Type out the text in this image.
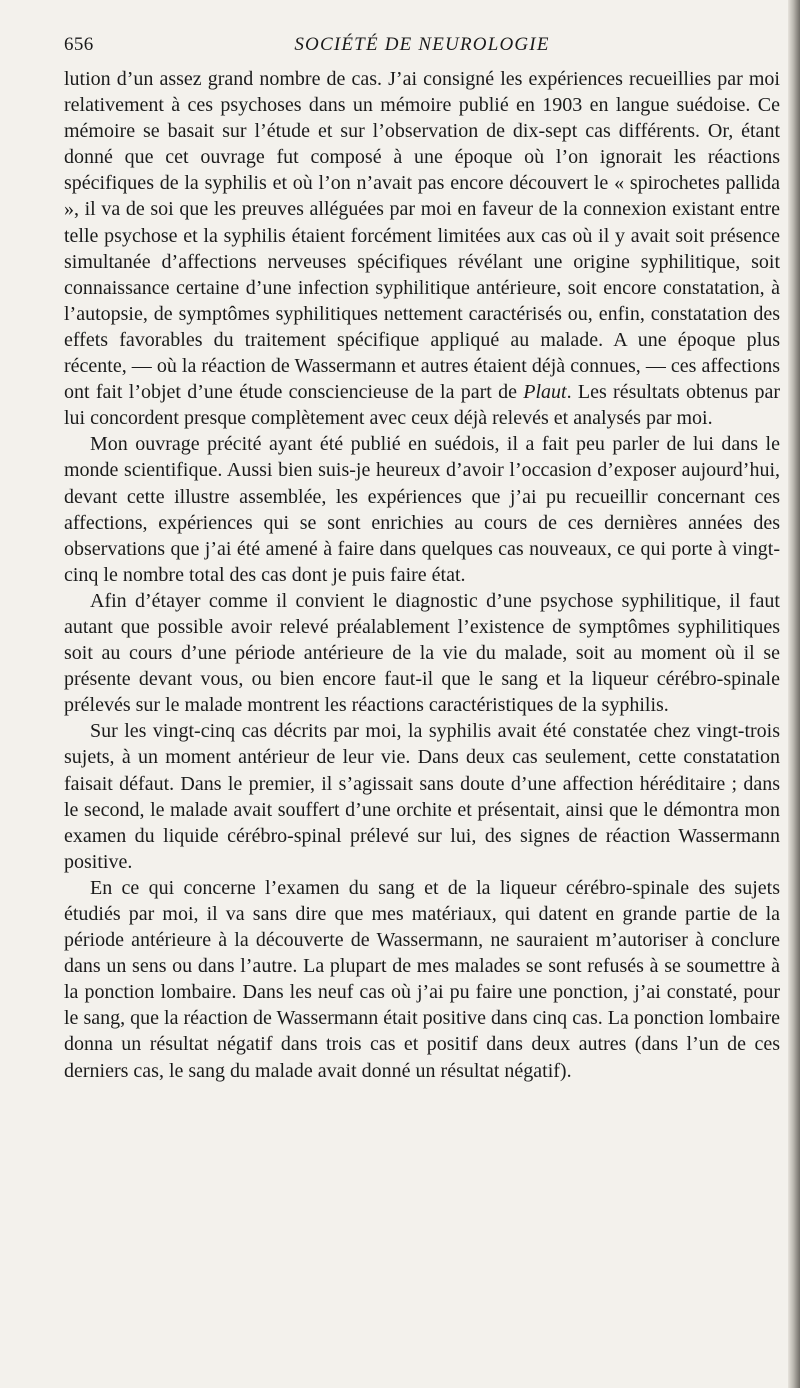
656	SOCIÉTÉ DE NEUROLOGIE

lution d’un assez grand nombre de cas. J’ai consigné les expériences recueillies par moi relativement à ces psychoses dans un mémoire publié en 1903 en langue suédoise. Ce mémoire se basait sur l’étude et sur l’observation de dix-sept cas différents. Or, étant donné que cet ouvrage fut composé à une époque où l’on ignorait les réactions spécifiques de la syphilis et où l’on n’avait pas encore découvert le « spirochetes pallida », il va de soi que les preuves alléguées par moi en faveur de la connexion existant entre telle psychose et la syphilis étaient forcément limitées aux cas où il y avait soit présence simultanée d’affections nerveuses spécifiques révélant une origine syphilitique, soit connaissance certaine d’une infection syphilitique antérieure, soit encore constatation, à l’autopsie, de symptômes syphilitiques nettement caractérisés ou, enfin, constatation des effets favorables du traitement spécifique appliqué au malade. A une époque plus récente, — où la réaction de Wassermann et autres étaient déjà connues, — ces affections ont fait l’objet d’une étude consciencieuse de la part de Plaut. Les résultats obtenus par lui concordent presque complètement avec ceux déjà relevés et analysés par moi.

Mon ouvrage précité ayant été publié en suédois, il a fait peu parler de lui dans le monde scientifique. Aussi bien suis-je heureux d’avoir l’occasion d’exposer aujourd’hui, devant cette illustre assemblée, les expériences que j’ai pu recueillir concernant ces affections, expériences qui se sont enrichies au cours de ces dernières années des observations que j’ai été amené à faire dans quelques cas nouveaux, ce qui porte à vingt-cinq le nombre total des cas dont je puis faire état.

Afin d’étayer comme il convient le diagnostic d’une psychose syphilitique, il faut autant que possible avoir relevé préalablement l’existence de symptômes syphilitiques soit au cours d’une période antérieure de la vie du malade, soit au moment où il se présente devant vous, ou bien encore faut-il que le sang et la liqueur cérébro-spinale prélevés sur le malade montrent les réactions caractéristiques de la syphilis.

Sur les vingt-cinq cas décrits par moi, la syphilis avait été constatée chez vingt-trois sujets, à un moment antérieur de leur vie. Dans deux cas seulement, cette constatation faisait défaut. Dans le premier, il s’agissait sans doute d’une affection héréditaire ; dans le second, le malade avait souffert d’une orchite et présentait, ainsi que le démontra mon examen du liquide cérébro-spinal prélevé sur lui, des signes de réaction Wassermann positive.

En ce qui concerne l’examen du sang et de la liqueur cérébro-spinale des sujets étudiés par moi, il va sans dire que mes matériaux, qui datent en grande partie de la période antérieure à la découverte de Wassermann, ne sauraient m’autoriser à conclure dans un sens ou dans l’autre. La plupart de mes malades se sont refusés à se soumettre à la ponction lombaire. Dans les neuf cas où j’ai pu faire une ponction, j’ai constaté, pour le sang, que la réaction de Wassermann était positive dans cinq cas. La ponction lombaire donna un résultat négatif dans trois cas et positif dans deux autres (dans l’un de ces derniers cas, le sang du malade avait donné un résultat négatif).
